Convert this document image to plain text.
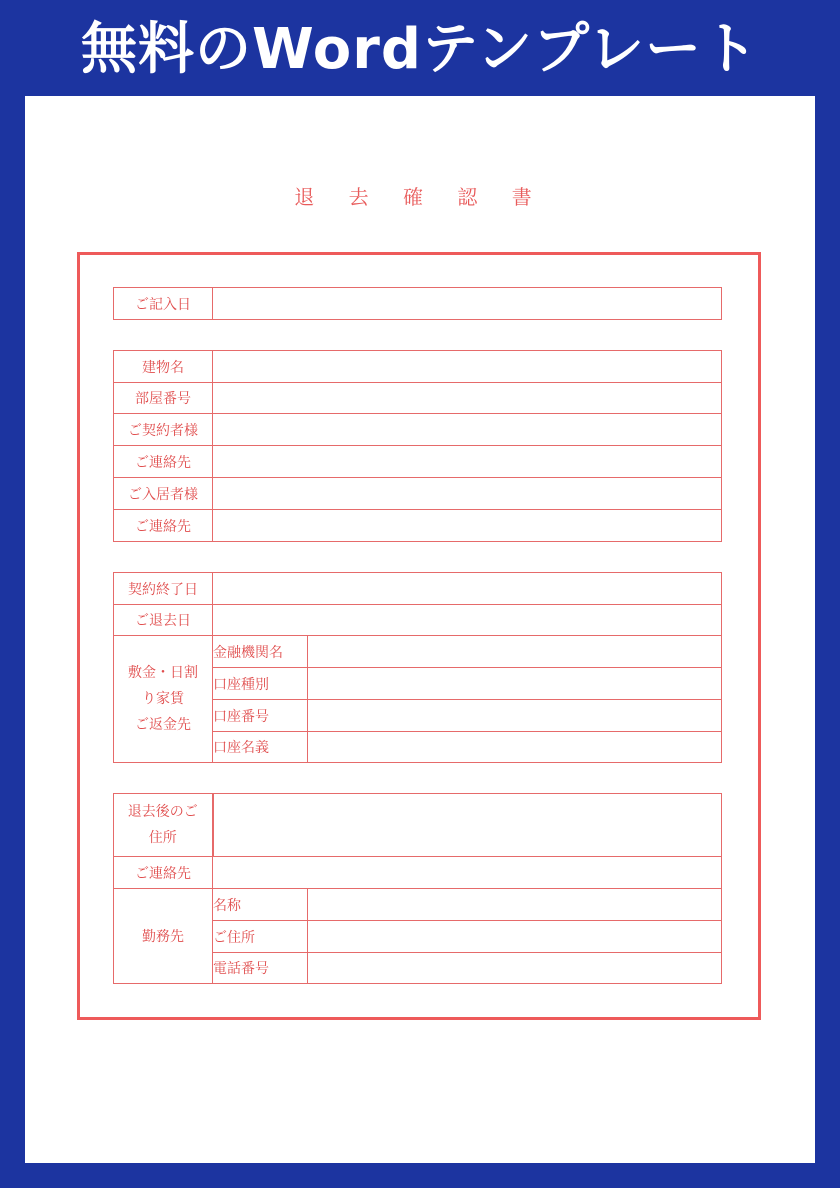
無料のWordテンプレート
退 去 確 認 書
ご記入日	
建物名	
部屋番号	
ご契約者様	
ご連絡先	
ご入居者様	
ご連絡先	
契約終了日		
ご退去日		

敷金・日割
り家賃
ご返金先	金融機関名	
	口座種別	
	口座番号	
	口座名義	
退去後のご
住所		

ご連絡先		
勤務先	名称	
	ご住所	
	電話番号	
